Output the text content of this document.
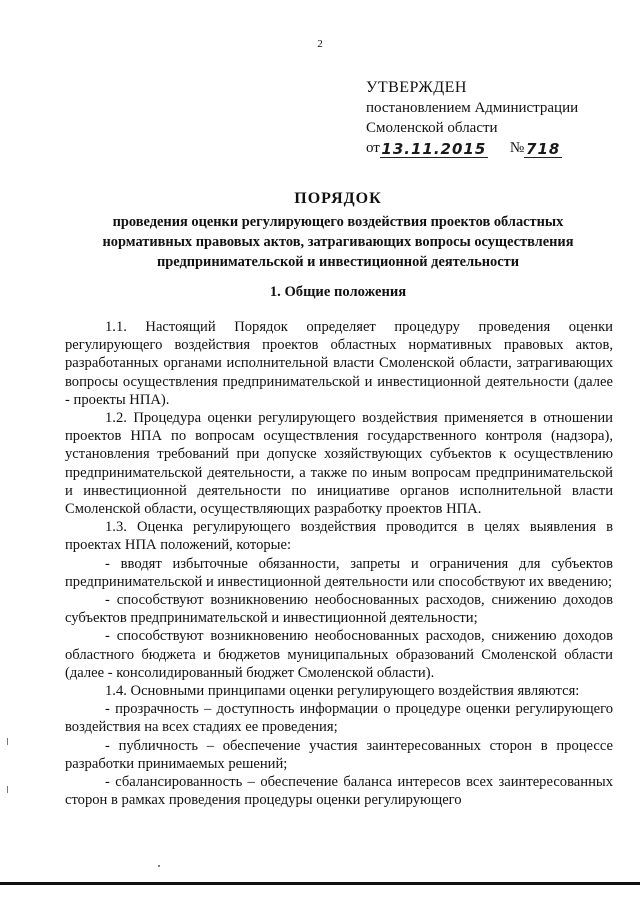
2
УТВЕРЖДЕН
постановлением Администрации
Смоленской области
от 13.11.2015 № 718
ПОРЯДОК
проведения оценки регулирующего воздействия проектов областных
нормативных правовых актов, затрагивающих вопросы осуществления
предпринимательской и инвестиционной деятельности
1. Общие положения

1.1. Настоящий Порядок определяет процедуру проведения оценки регулирующего воздействия проектов областных нормативных правовых актов, разработанных органами исполнительной власти Смоленской области, затрагивающих вопросы осуществления предпринимательской и инвестиционной деятельности (далее - проекты НПА).

1.2. Процедура оценки регулирующего воздействия применяется в отношении проектов НПА по вопросам осуществления государственного контроля (надзора), установления требований при допуске хозяйствующих субъектов к осуществлению предпринимательской деятельности, а также по иным вопросам предпринимательской и инвестиционной деятельности по инициативе органов исполнительной власти Смоленской области, осуществляющих разработку проектов НПА.

1.3. Оценка регулирующего воздействия проводится в целях выявления в проектах НПА положений, которые:

- вводят избыточные обязанности, запреты и ограничения для субъектов предпринимательской и инвестиционной деятельности или способствуют их введению;

- способствуют возникновению необоснованных расходов, снижению доходов субъектов предпринимательской и инвестиционной деятельности;

- способствуют возникновению необоснованных расходов, снижению доходов областного бюджета и бюджетов муниципальных образований Смоленской области (далее - консолидированный бюджет Смоленской области).

1.4. Основными принципами оценки регулирующего воздействия являются:

- прозрачность – доступность информации о процедуре оценки регулирующего воздействия на всех стадиях ее проведения;

- публичность – обеспечение участия заинтересованных сторон в процессе разработки принимаемых решений;

- сбалансированность – обеспечение баланса интересов всех заинтересованных сторон в рамках проведения процедуры оценки регулирующего
